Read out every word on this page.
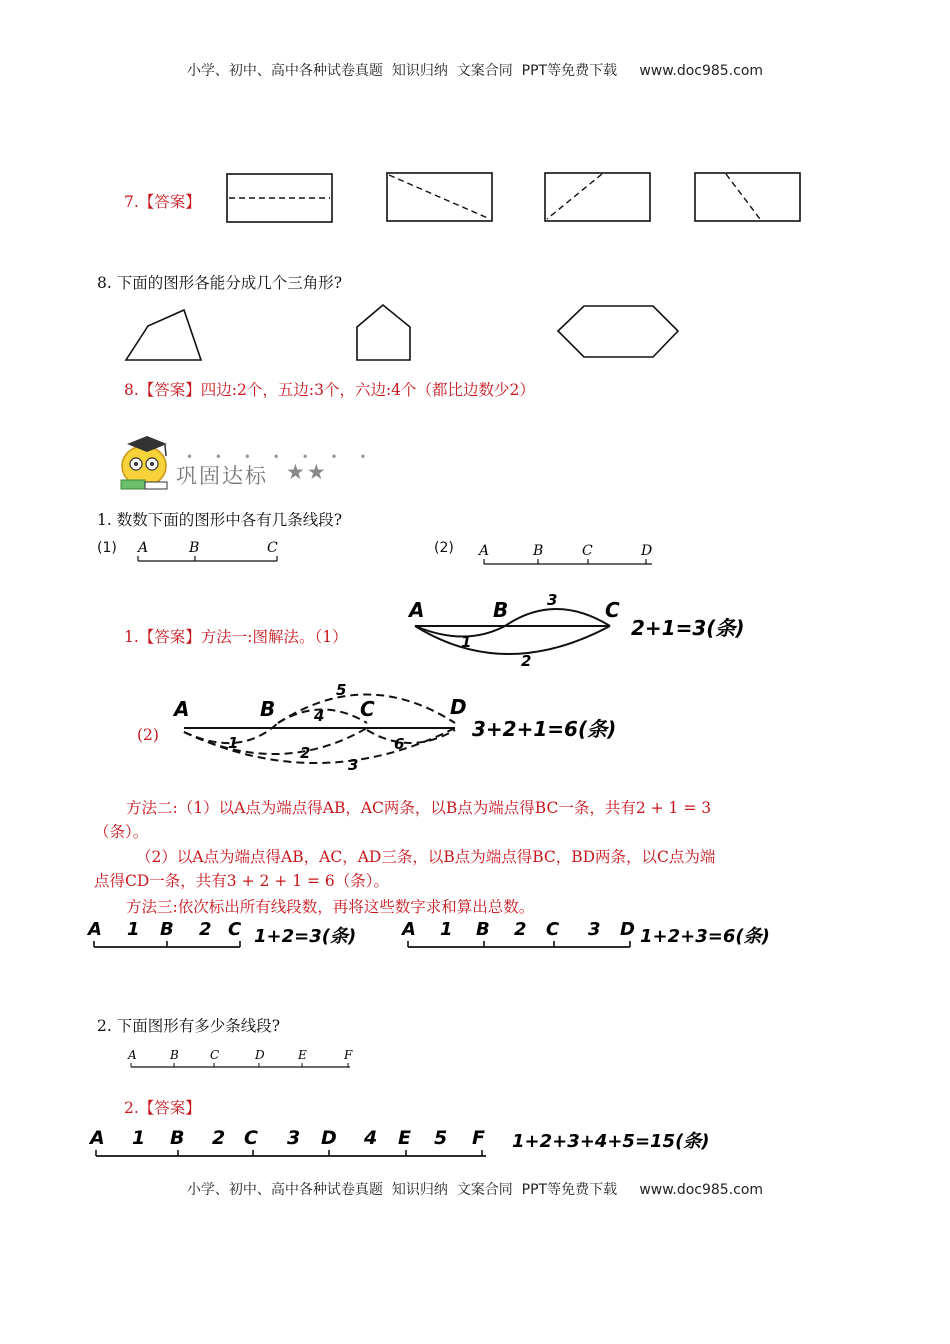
小学、初中、高中各种试卷真题  知识归纳  文案合同  PPT等免费下载     www.doc985.com
7.【答案】
8. 下面的图形各能分成几个三角形?
8.【答案】四边:2个，五边:3个，六边:4个（都比边数少2）
• • • • • • •
巩固达标 ★★
1. 数数下面的图形中各有几条线段?
(1) A	B	C	(2) A	B	C	D
1.【答案】方法一:图解法。（1）
A	B	C
1
2
3
2+1=3(条)
(2)
A	B	C	D
1
2
3
4
5
6
3+2+1=6(条)
方法二:（1）以A点为端点得AB，AC两条，以B点为端点得BC一条，共有2 + 1 = 3
（条）。
（2）以A点为端点得AB，AC，AD三条，以B点为端点得BC，BD两条，以C点为端
点得CD一条，共有3 + 2 + 1 = 6（条）。
方法三:依次标出所有线段数，再将这些数字求和算出总数。
A 1 B 2 C 1+2=3(条)	A 1 B 2 C 3 D 1+2+3=6(条)
2. 下面图形有多少条线段?
A	B	C	D	E	F
2.【答案】
A 1 B 2 C 3 D 4 E 5 F 1+2+3+4+5=15(条)
小学、初中、高中各种试卷真题  知识归纳  文案合同  PPT等免费下载     www.doc985.com
